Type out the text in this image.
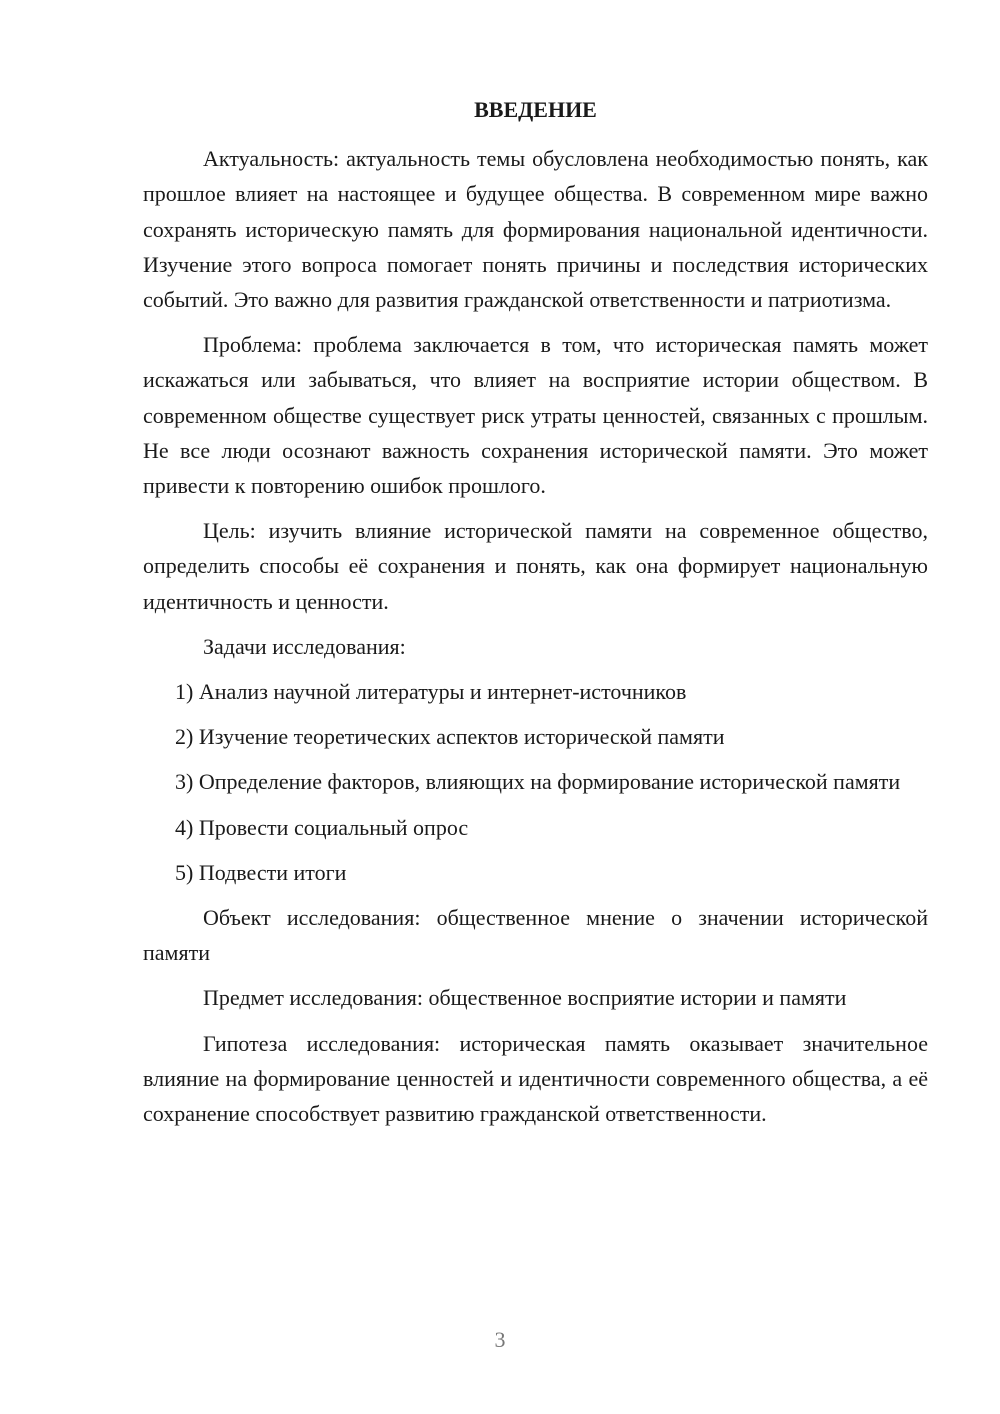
ВВЕДЕНИЕ

Актуальность: актуальность темы обусловлена необходимостью понять, как прошлое влияет на настоящее и будущее общества. В современном мире важно сохранять историческую память для формирования национальной идентичности. Изучение этого вопроса помогает понять причины и последствия исторических событий. Это важно для развития гражданской ответственности и патриотизма.

Проблема: проблема заключается в том, что историческая память может искажаться или забываться, что влияет на восприятие истории обществом. В современном обществе существует риск утраты ценностей, связанных с прошлым. Не все люди осознают важность сохранения исторической памяти. Это может привести к повторению ошибок прошлого.

Цель: изучить влияние исторической памяти на современное общество, определить способы её сохранения и понять, как она формирует национальную идентичность и ценности.

Задачи исследования:

1) Анализ научной литературы и интернет-источников

2) Изучение теоретических аспектов исторической памяти

3) Определение факторов, влияющих на формирование исторической памяти

4) Провести социальный опрос

5) Подвести итоги

Объект исследования: общественное мнение о значении исторической памяти

Предмет исследования: общественное восприятие истории и памяти

Гипотеза исследования: историческая память оказывает значительное влияние на формирование ценностей и идентичности современного общества, а её сохранение способствует развитию гражданской ответственности.

3
